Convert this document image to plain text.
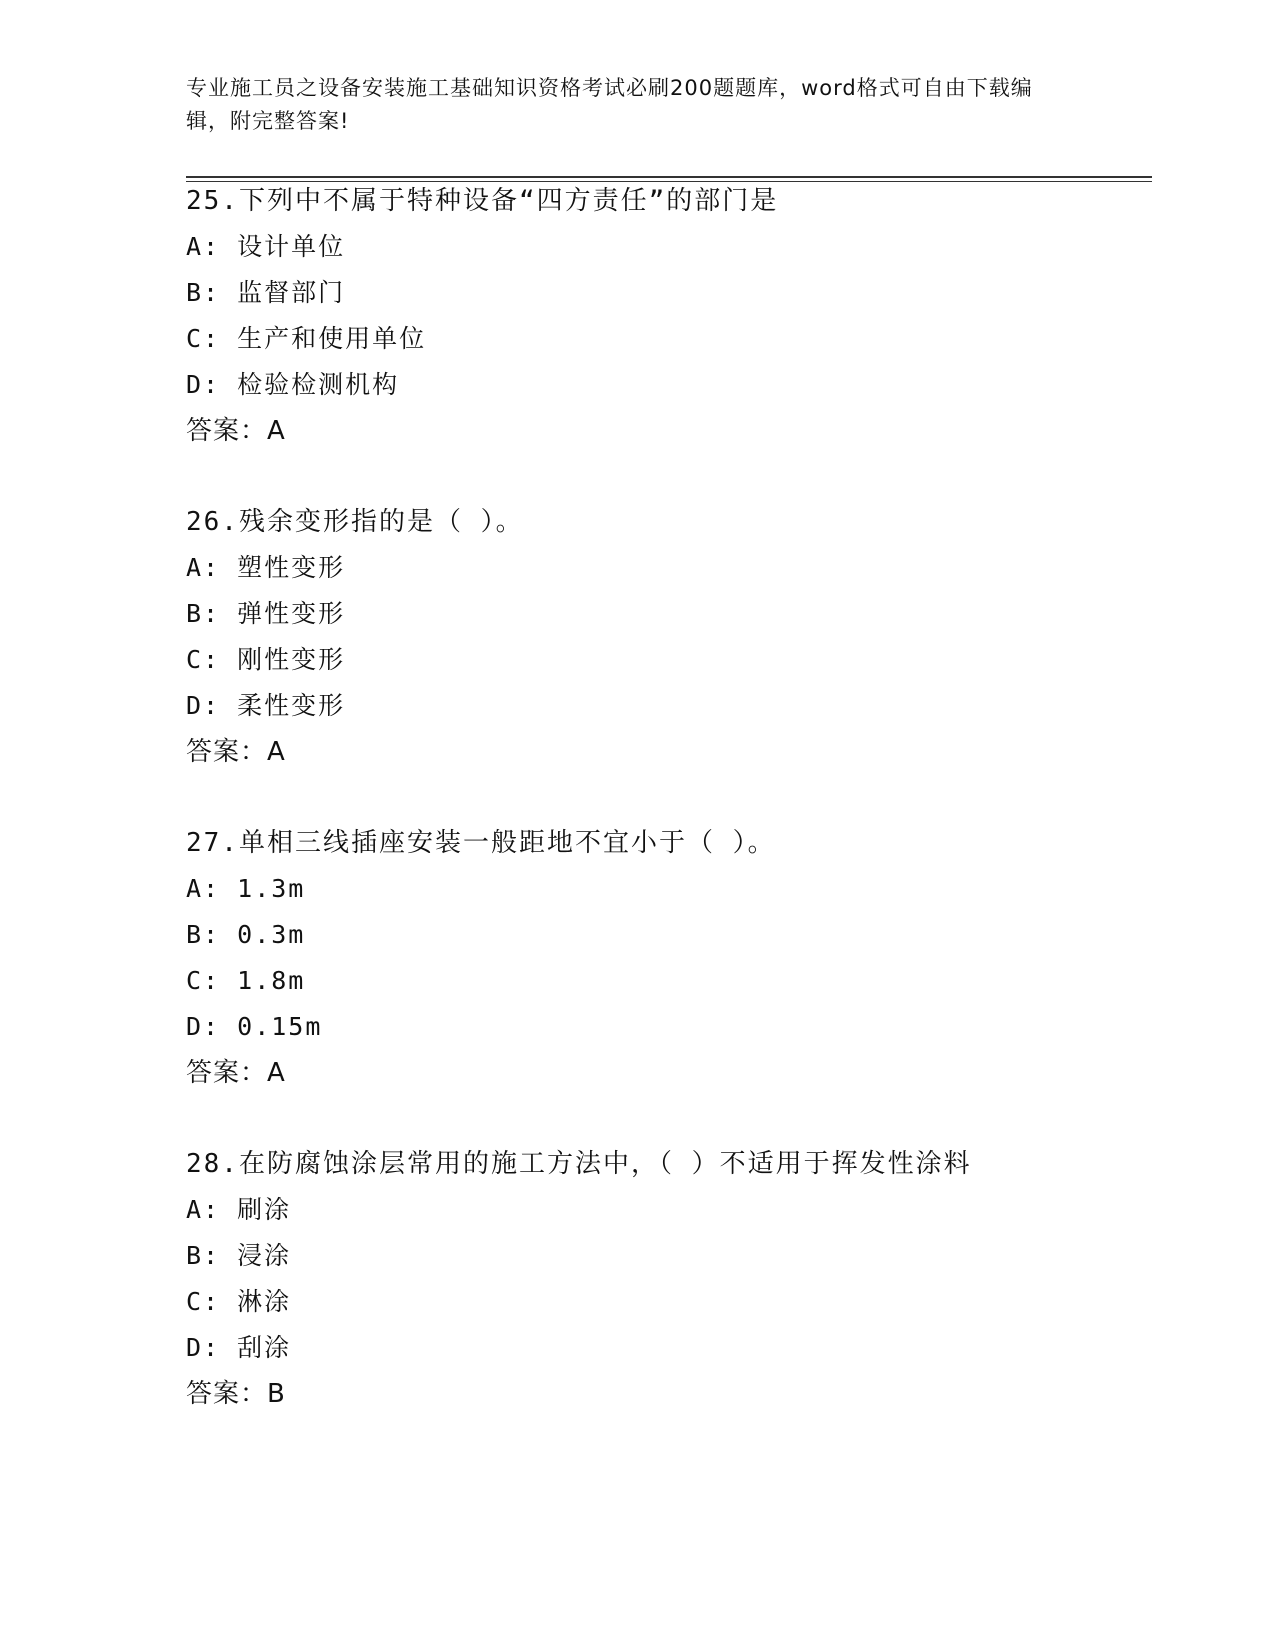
专业施工员之设备安装施工基础知识资格考试必刷200题题库，word格式可自由下载编辑，附完整答案!
25.下列中不属于特种设备“四方责任”的部门是
A: 设计单位
B: 监督部门
C: 生产和使用单位
D: 检验检测机构
答案：A
26.残余变形指的是（ ）。
A: 塑性变形
B: 弹性变形
C: 刚性变形
D: 柔性变形
答案：A
27.单相三线插座安装一般距地不宜小于（ ）。
A: 1.3m
B: 0.3m
C: 1.8m
D: 0.15m
答案：A
28.在防腐蚀涂层常用的施工方法中，（ ）不适用于挥发性涂料
A: 刷涂
B: 浸涂
C: 淋涂
D: 刮涂
答案：B
